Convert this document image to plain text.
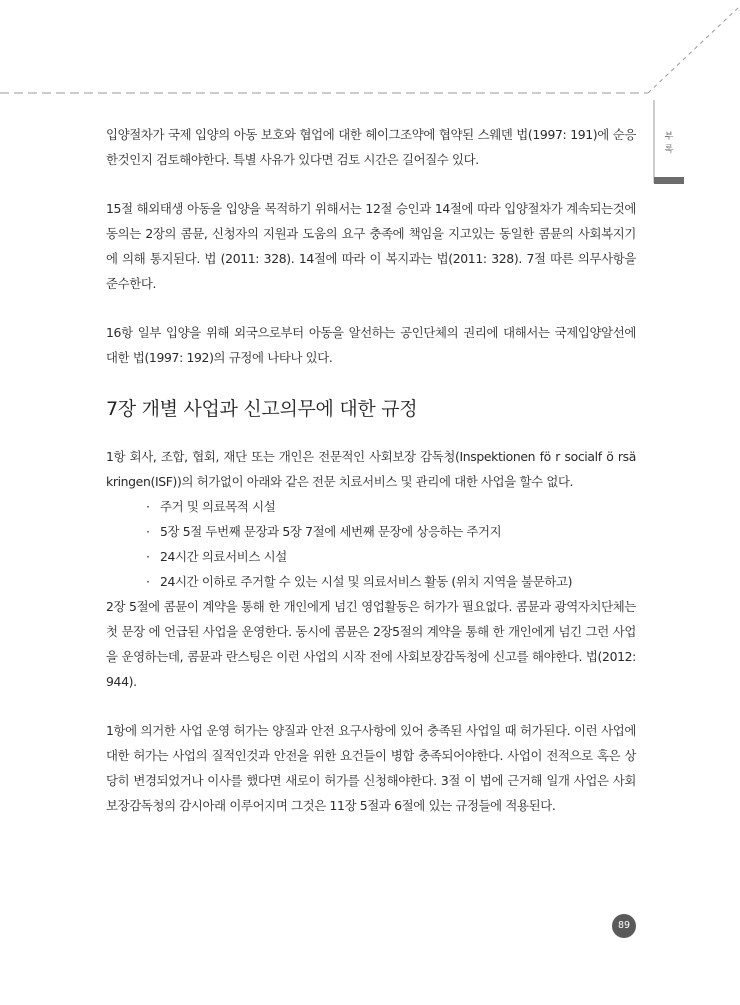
부
록

입양절차가 국제 입양의 아동 보호와 협업에 대한 헤이그조약에 협약된 스웨덴 법(1997: 191)에 순응한것인지 검토해야한다. 특별 사유가 있다면 검토 시간은 길어질수 있다.

15절 해외태생 아동을 입양을 목적하기 위해서는 12절 승인과 14절에 따라 입양절차가 계속되는것에 동의는 2장의 콤뮨, 신청자의 지원과 도움의 요구 충족에 책임을 지고있는 동일한 콤뮨의 사회복지기에 의해 통지된다. 법 (2011: 328). 14절에 따라 이 복지과는 법(2011: 328). 7절 따른 의무사항을 준수한다.

16항 일부 입양을 위해 외국으로부터 아동을 알선하는 공인단체의 권리에 대해서는 국제입양알선에 대한 법(1997: 192)의 규정에 나타나 있다.

7장 개별 사업과 신고의무에 대한 규정

1항 회사, 조합, 협회, 재단 또는 개인은 전문적인 사회보장 감독청(Inspektionen fö r socialf ö rsä kringen(ISF))의 허가없이 아래와 같은 전문 치료서비스 및 관리에 대한 사업을 할수 없다.

· 주거 및 의료목적 시설
· 5장 5절 두번째 문장과 5장 7절에 세번째 문장에 상응하는 주거지
· 24시간 의료서비스 시설
· 24시간 이하로 주거할 수 있는 시설 및 의료서비스 활동 (위치 지역을 불문하고)

2장 5절에 콤뮨이 계약을 통해 한 개인에게 넘긴 영업활동은 허가가 필요없다. 콤뮨과 광역자치단체는 첫 문장 에 언급된 사업을 운영한다. 동시에 콤뮨은 2장5절의 계약을 통해 한 개인에게 넘긴 그런 사업을 운영하는데, 콤뮨과 란스팅은 이런 사업의 시작 전에 사회보장감독청에 신고를 해야한다. 법(2012: 944).

1항에 의거한 사업 운영 허가는 양질과 안전 요구사항에 있어 충족된 사업일 때 허가된다. 이런 사업에 대한 허가는 사업의 질적인것과 안전을 위한 요건들이 병합 충족되어야한다. 사업이 전적으로 혹은 상당히 변경되었거나 이사를 했다면 새로이 허가를 신청해야한다. 3절 이 법에 근거해 일개 사업은 사회보장감독청의 감시아래 이루어지며 그것은 11장 5절과 6절에 있는 규정들에 적용된다.

89
